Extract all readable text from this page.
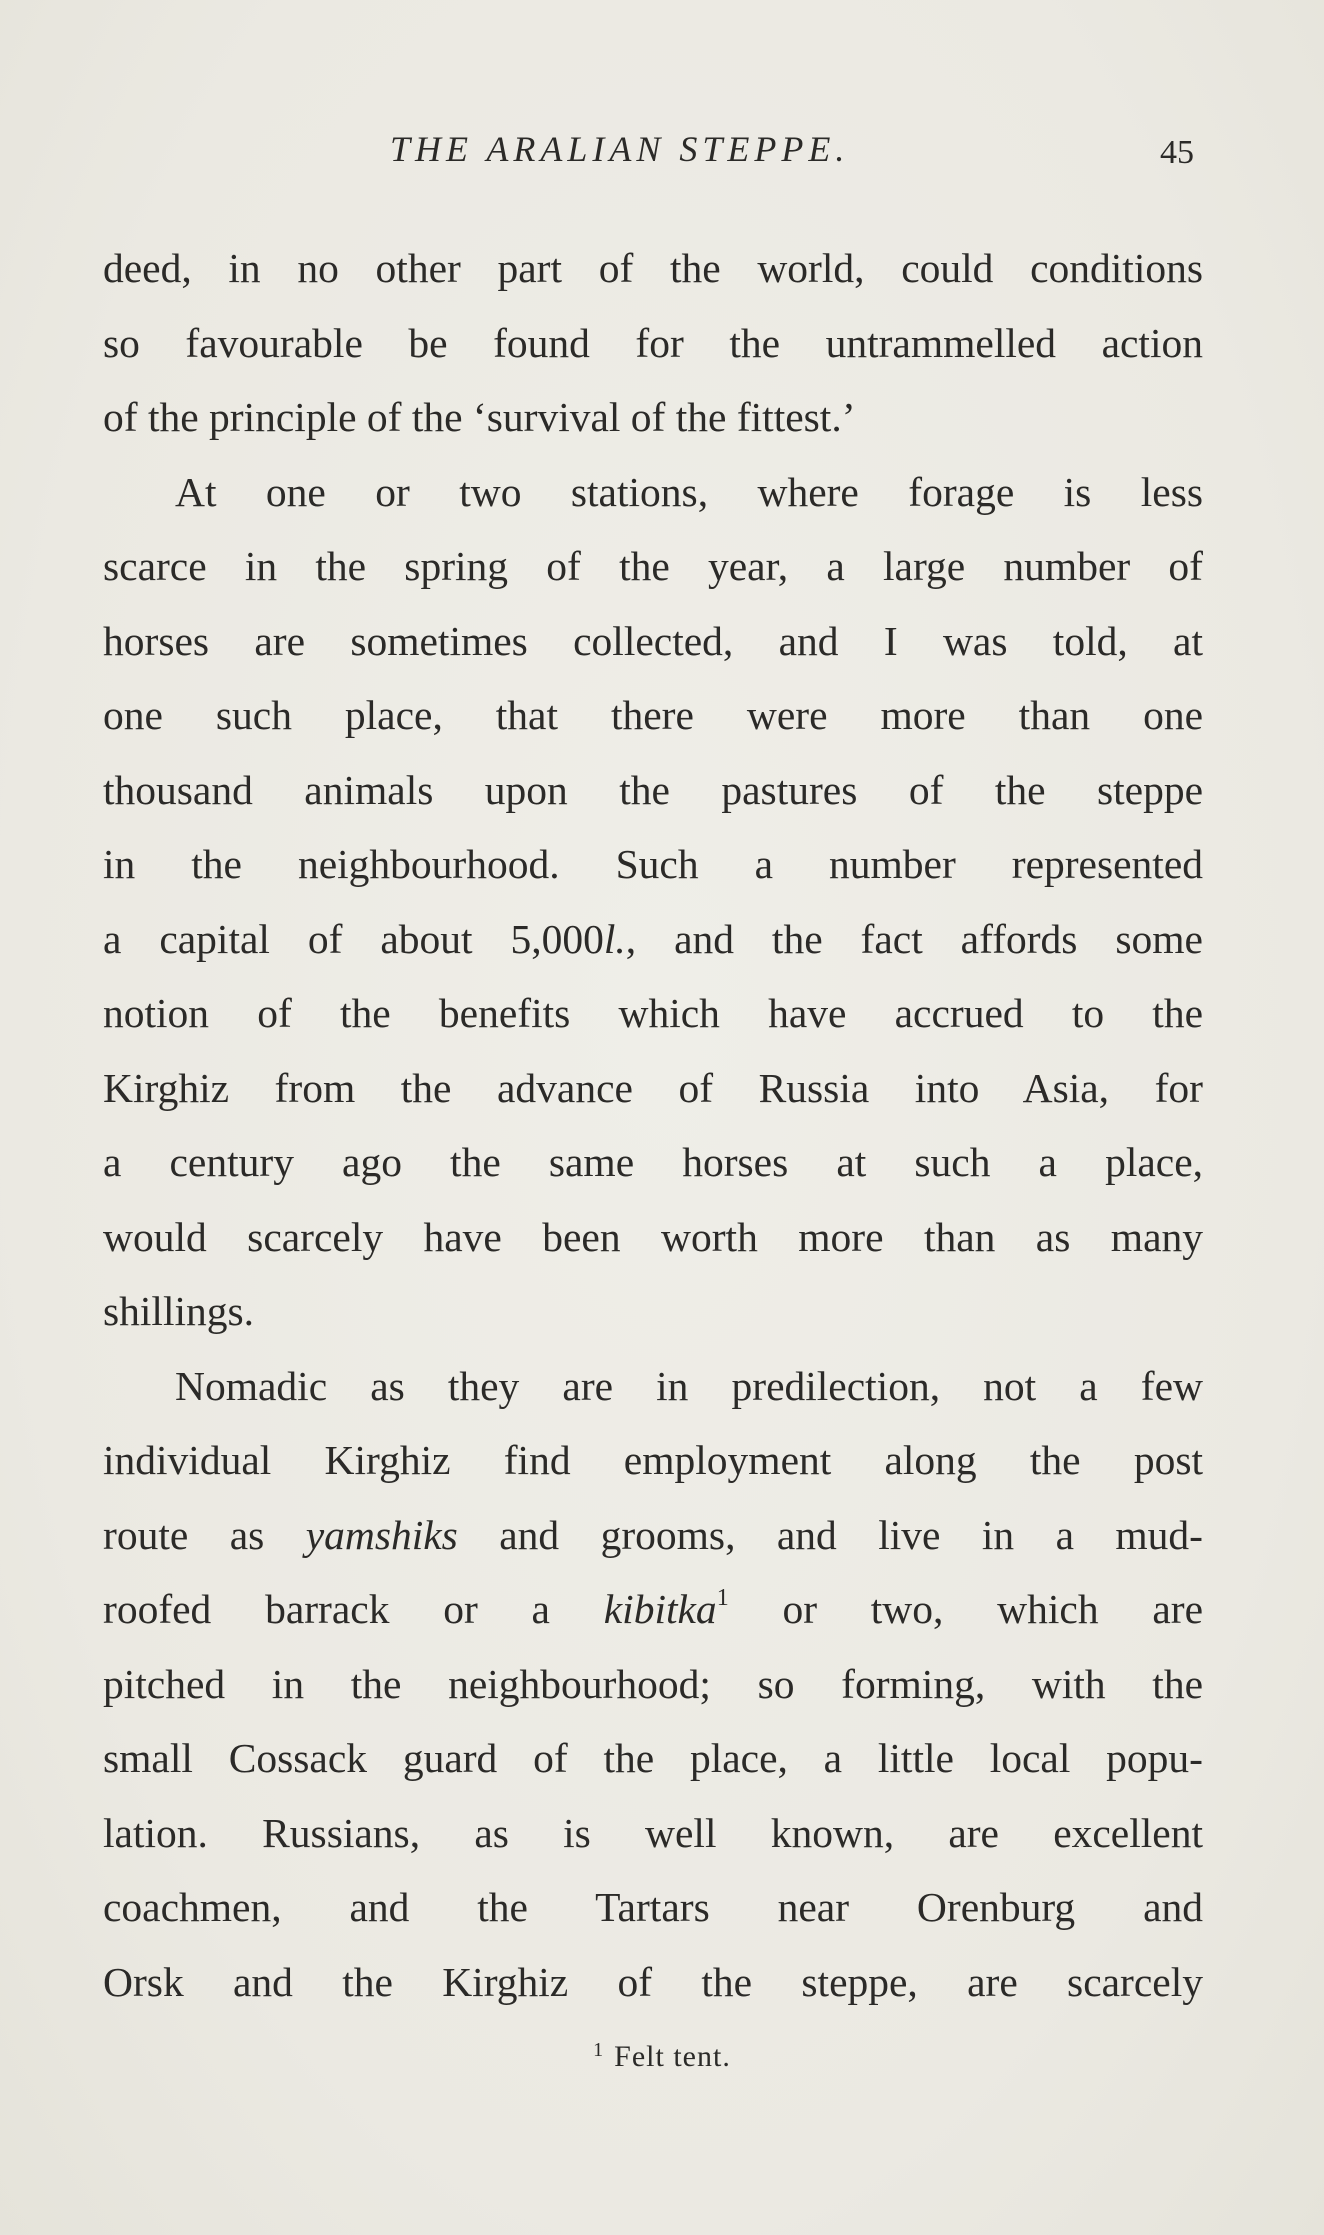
THE ARALIAN STEPPE.	45
deed, in no other part of the world, could conditions
so favourable be found for the untrammelled action
of the principle of the ‘survival of the fittest.’
At one or two stations, where forage is less
scarce in the spring of the year, a large number of
horses are sometimes collected, and I was told, at
one such place, that there were more than one
thousand animals upon the pastures of the steppe
in the neighbourhood. Such a number represented
a capital of about 5,000l., and the fact affords some
notion of the benefits which have accrued to the
Kirghiz from the advance of Russia into Asia, for
a century ago the same horses at such a place,
would scarcely have been worth more than as many
shillings.
Nomadic as they are in predilection, not a few
individual Kirghiz find employment along the post
route as yamshiks and grooms, and live in a mud-
roofed barrack or a kibitka$^1$ or two, which are
pitched in the neighbourhood; so forming, with the
small Cossack guard of the place, a little local popu-
lation. Russians, as is well known, are excellent
coachmen, and the Tartars near Orenburg and
Orsk and the Kirghiz of the steppe, are scarcely
$^1$ Felt tent.
